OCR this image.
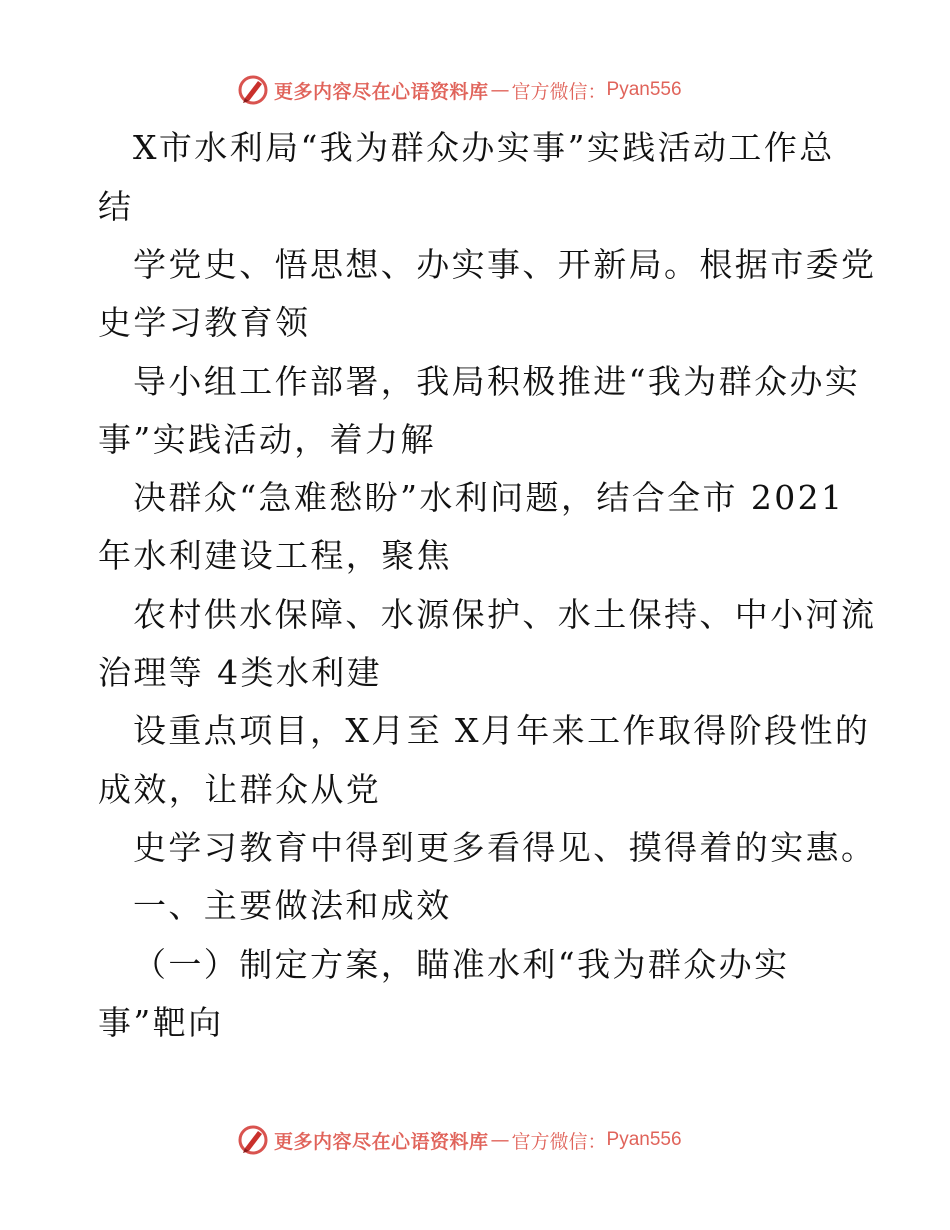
更多内容尽在心语资料库 — 官方微信： Pyan556
X市水利局“我为群众办实事”实践活动工作总
结
学党史、悟思想、办实事、开新局。根据市委党
史学习教育领
导小组工作部署，我局积极推进“我为群众办实
事”实践活动，着力解
决群众“急难愁盼”水利问题，结合全市 2021
年水利建设工程，聚焦
农村供水保障、水源保护、水土保持、中小河流
治理等 4类水利建
设重点项目，X月至 X月年来工作取得阶段性的
成效，让群众从党
史学习教育中得到更多看得见、摸得着的实惠。
一、主要做法和成效
（一）制定方案，瞄准水利“我为群众办实
事”靶向
更多内容尽在心语资料库 — 官方微信： Pyan556
